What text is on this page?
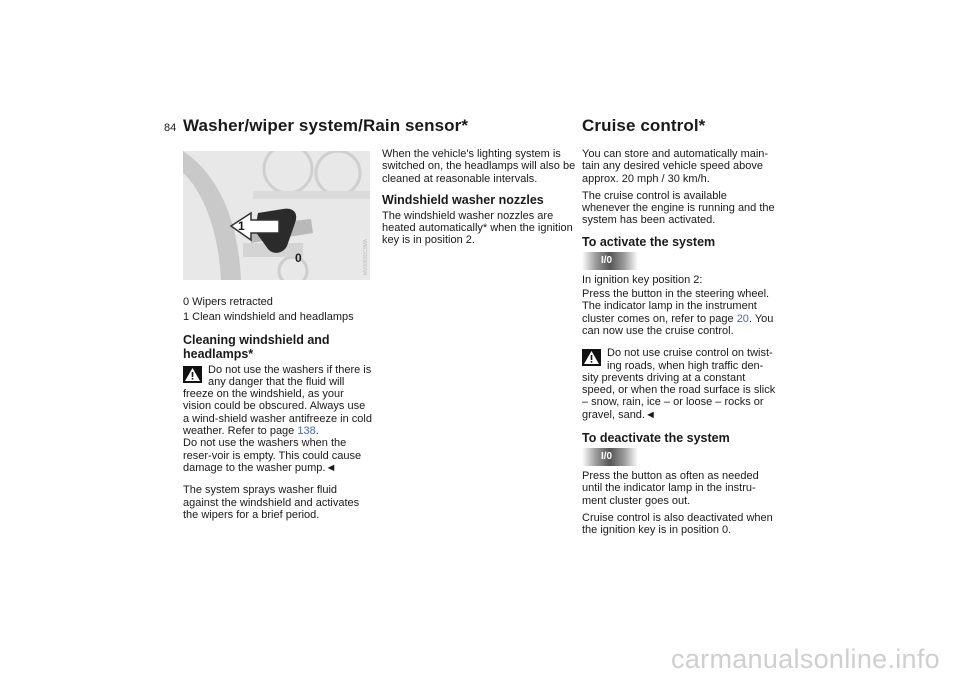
84 Washer/wiper system/Rain sensor*	Cruise control*
1
0	MV0093DC0MA

0 Wipers retracted

1 Clean windshield and headlamps

Cleaning windshield and headlamps*

Do not use the washers if there is any danger that the fluid will freeze on the windshield, as your vision could be obscured. Always use a wind-shield washer antifreeze in cold weather. Refer to page 138.

Do not use the washers when the reser-voir is empty. This could cause damage to the washer pump.◄

The system sprays washer fluid against the windshield and activates the wipers for a brief period.

When the vehicle's lighting system is switched on, the headlamps will also be cleaned at reasonable intervals.

Windshield washer nozzles

The windshield washer nozzles are heated automatically* when the ignition key is in position 2.

You can store and automatically main-tain any desired vehicle speed above approx. 20 mph / 30 km/h.

The cruise control is available whenever the engine is running and the system has been activated.

To activate the system
I/0

In ignition key position 2:

Press the button in the steering wheel. The indicator lamp in the instrument cluster comes on, refer to page 20. You can now use the cruise control.

Do not use cruise control on twist-ing roads, when high traffic den-sity prevents driving at a constant speed, or when the road surface is slick – snow, rain, ice – or loose – rocks or gravel, sand.◄

To deactivate the system
I/0

Press the button as often as needed until the indicator lamp in the instru-ment cluster goes out.

Cruise control is also deactivated when the ignition key is in position 0.

carmanualsonline.info
